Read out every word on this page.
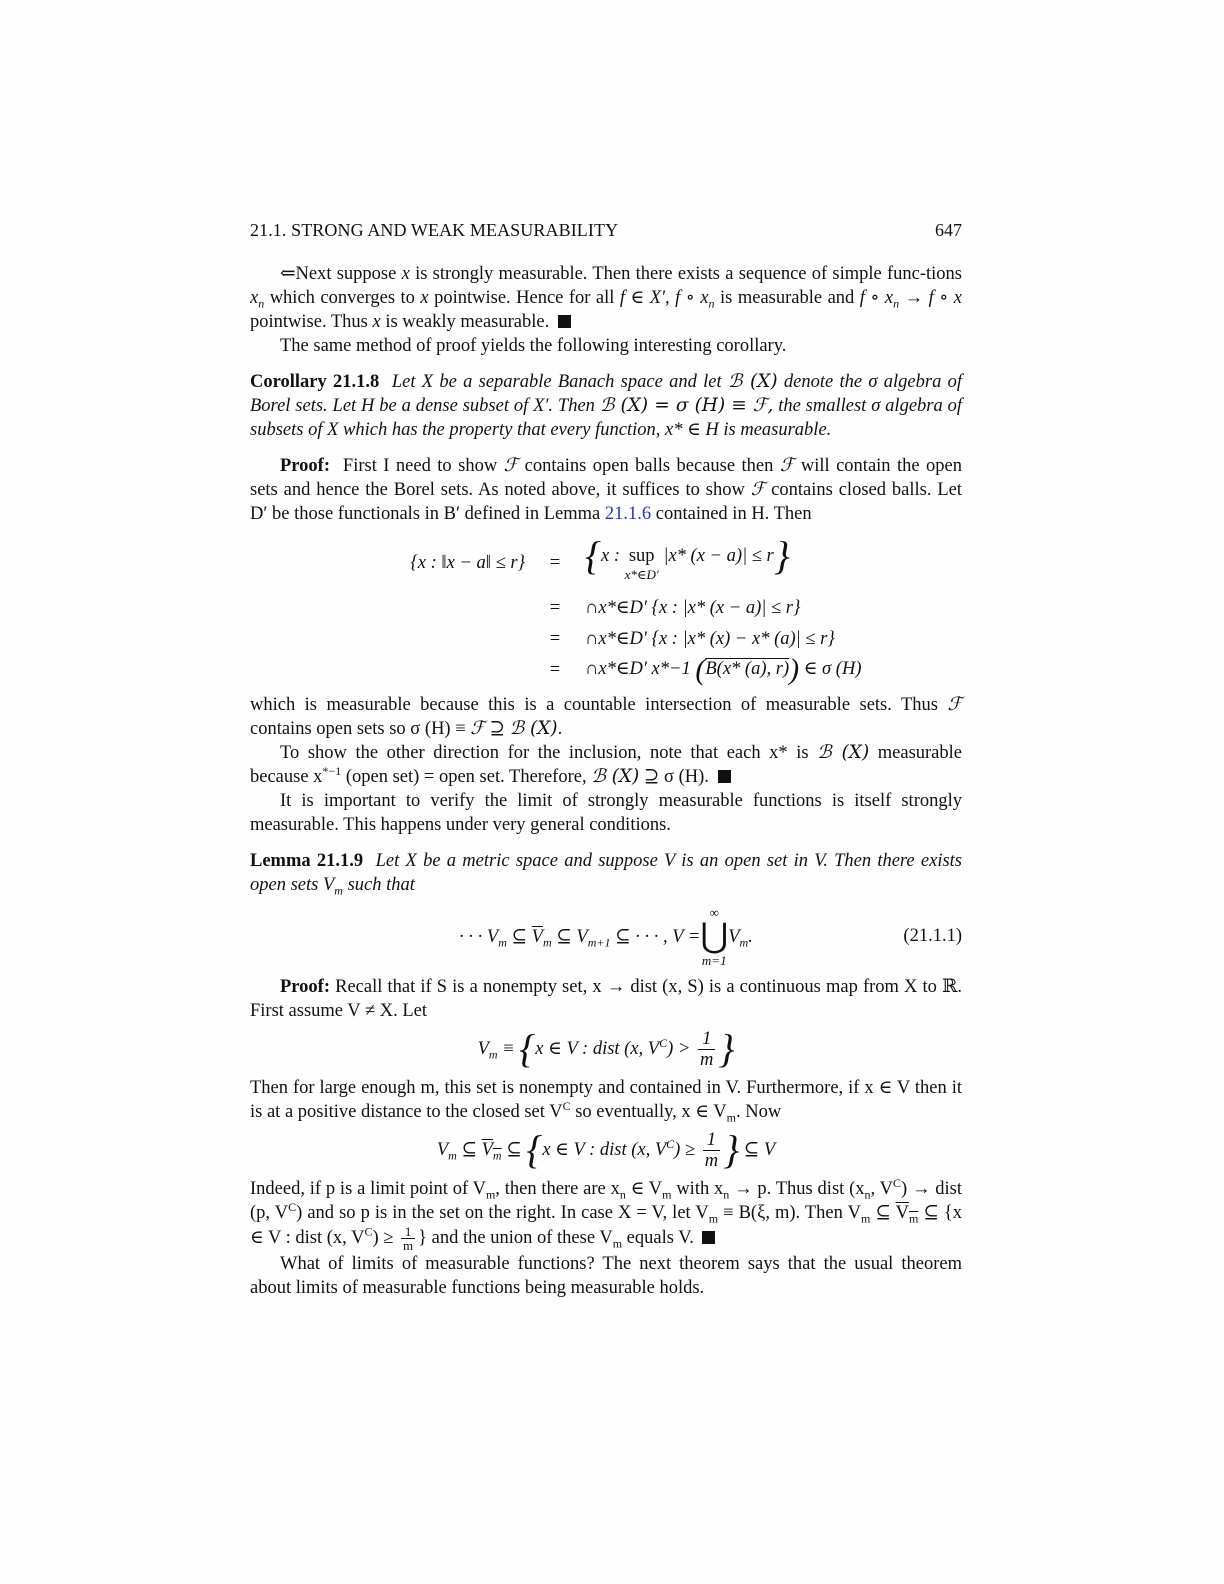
21.1. STRONG AND WEAK MEASURABILITY	647

⇐Next suppose x is strongly measurable. Then there exists a sequence of simple func-tions $x_n$ which converges to x pointwise. Hence for all f ∈ X′, f ∘ $x_n$ is measurable and f ∘ $x_n \to f$ ∘ x pointwise. Thus x is weakly measurable.

The same method of proof yields the following interesting corollary.

Corollary 21.1.8 Let X be a separable Banach space and let ℬ (X) denote the σ algebra of Borel sets. Let H be a dense subset of X′. Then ℬ (X) = σ (H) ≡ ℱ, the smallest σ algebra of subsets of X which has the property that every function, x* ∈ H is measurable.

Proof: First I need to show ℱ contains open balls because then ℱ will contain the open sets and hence the Borel sets. As noted above, it suffices to show ℱ contains closed balls. Let D′ be those functionals in B′ defined in Lemma 21.1.6 contained in H. Then

{x : ‖x − a‖ ≤ r}	= {x : sup
x*∈D′
|x* (x − a)| ≤ r}
=	∩x*∈D′ {x : |x* (x − a)| ≤ r}
=	∩x*∈D′ {x : |x* (x) − x* (a)| ≤ r}
=	∩x*∈D′ x*−1 (B(x* (a), r)) ∈ σ (H)

which is measurable because this is a countable intersection of measurable sets. Thus ℱ contains open sets so σ (H) ≡ ℱ ⊇ ℬ (X).

To show the other direction for the inclusion, note that each x* is ℬ (X) measurable because $x^{*-1}$ (open set) = open set. Therefore, ℬ (X) ⊇ σ (H).

It is important to verify the limit of strongly measurable functions is itself strongly measurable. This happens under very general conditions.

Lemma 21.1.9 Let X be a metric space and suppose V is an open set in V. Then there exists open sets $V_m$ such that

· · · $V_m$ ⊆ $\overline{V}_m$ ⊆ $V_{m+1}$ ⊆ · · · , V =
∞
⋃
m=1
$V_m$.	(21.1.1)

Proof: Recall that if S is a nonempty set, x → dist (x, S) is a continuous map from X to ℝ. First assume V ≠ X. Let

$V_m \equiv \{x$ ∈ V : dist (x, $V^C) > \frac{1}{m}$ }

Then for large enough m, this set is nonempty and contained in V. Furthermore, if x ∈ V then it is at a positive distance to the closed set $V^C$ so eventually, x ∈ $V_m$. Now

$V_m$ ⊆ $V_m$ ⊆ {x ∈ V : dist (x, $V^C) \ge \frac{1}{m}$ } ⊆ V

Indeed, if p is a limit point of $V_m$, then there are $x_n$ ∈ $V_m$ with $x_n \to p$. Thus dist ($x_n$, $V^C$) → dist (p, $V^C$) and so p is in the set on the right. In case X = V, let $V_m \equiv B(\xi$, m). Then $V_m$ ⊆ $V_m$ ⊆ {x ∈ V : dist (x, $V^C) \ge \frac{1}{m}$ } and the union of these $V_m$ equals V.

What of limits of measurable functions? The next theorem says that the usual theorem about limits of measurable functions being measurable holds.
